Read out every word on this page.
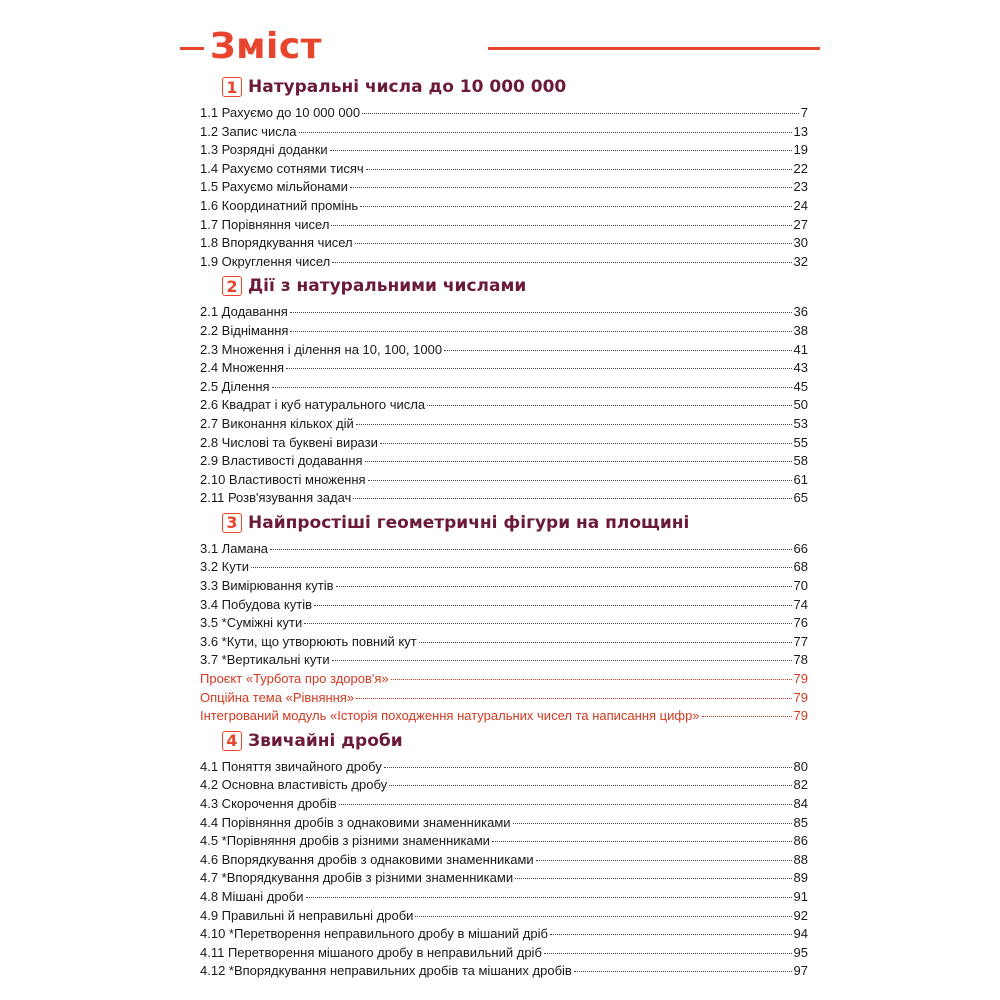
Зміст
1 Натуральні числа до 10 000 000
1.1 Рахуємо до 10 000 000	7
1.2 Запис числа	13
1.3 Розрядні доданки	19
1.4 Рахуємо сотнями тисяч	22
1.5 Рахуємо мільйонами	23
1.6 Координатний промінь	24
1.7 Порівняння чисел	27
1.8 Впорядкування чисел	30
1.9 Округлення чисел	32
2 Дії з натуральними числами
2.1 Додавання	36
2.2 Віднімання	38
2.3 Множення і ділення на 10, 100, 1000	41
2.4 Множення	43
2.5 Ділення	45
2.6 Квадрат і куб натурального числа	50
2.7 Виконання кількох дій	53
2.8 Числові та буквені вирази	55
2.9 Властивості додавання	58
2.10 Властивості множення	61
2.11 Розв'язування задач	65
3 Найпростіші геометричні фігури на площині
3.1 Ламана	66
3.2 Кути	68
3.3 Вимірювання кутів	70
3.4 Побудова кутів	74
3.5 *Суміжні кути	76
3.6 *Кути, що утворюють повний кут	77
3.7 *Вертикальні кути	78
Проєкт «Турбота про здоров'я»	79
Опційна тема «Рівняння»	79
Інтегрований модуль «Історія походження натуральних чисел та написання цифр»	79
4 Звичайні дроби
4.1 Поняття звичайного дробу	80
4.2 Основна властивість дробу	82
4.3 Скорочення дробів	84
4.4 Порівняння дробів з однаковими знаменниками	85
4.5 *Порівняння дробів з різними знаменниками	86
4.6 Впорядкування дробів з однаковими знаменниками	88
4.7 *Впорядкування дробів з різними знаменниками	89
4.8 Мішані дроби	91
4.9 Правильні й неправильні дроби	92
4.10 *Перетворення неправильного дробу в мішаний дріб	94
4.11 Перетворення мішаного дробу в неправильний дріб	95
4.12 *Впорядкування неправильних дробів та мішаних дробів	97
